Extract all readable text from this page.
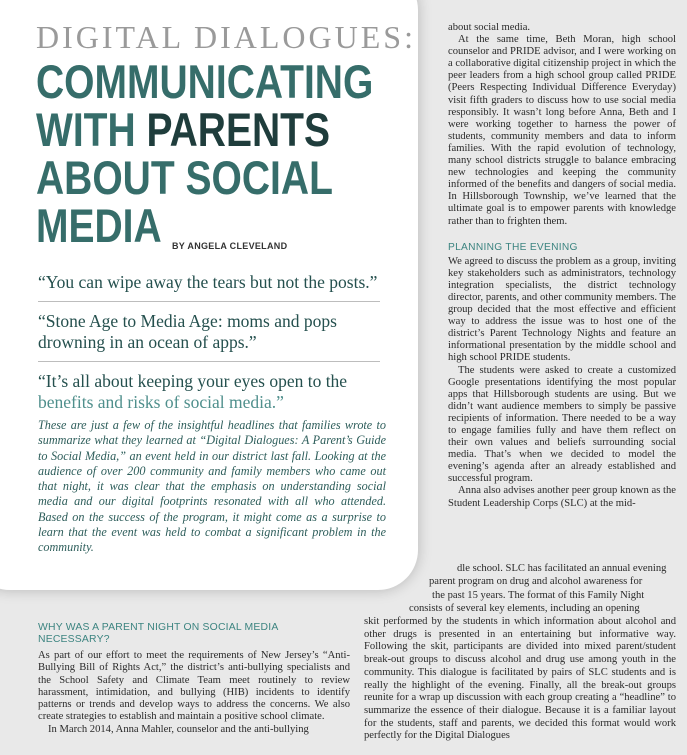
DIGITAL DIALOGUES:
COMMUNICATING
WITH PARENTS
ABOUT SOCIAL
MEDIA	BY ANGELA CLEVELAND
“You can wipe away the tears but not the posts.”
“Stone Age to Media Age: moms and pops drowning in an ocean of apps.”
“It’s all about keeping your eyes open to the benefits and risks of social media.”

These are just a few of the insightful headlines that families wrote to summarize what they learned at “Digital Dialogues: A Parent’s Guide to Social Media,” an event held in our district last fall. Looking at the audience of over 200 community and family members who came out that night, it was clear that the emphasis on understanding social media and our digital footprints resonated with all who attended. Based on the success of the program, it might come as a surprise to learn that the event was held to combat a significant problem in the community.

about social media.

At the same time, Beth Moran, high school counselor and PRIDE advisor, and I were working on a collaborative digital citizenship project in which the peer leaders from a high school group called PRIDE (Peers Respecting Individual Difference Everyday) visit fifth graders to discuss how to use social media responsibly. It wasn’t long before Anna, Beth and I were working together to harness the power of students, community members and data to inform families. With the rapid evolution of technology, many school districts struggle to balance embracing new technologies and keeping the community informed of the benefits and dangers of social media. In Hillsborough Township, we’ve learned that the ultimate goal is to empower parents with knowledge rather than to frighten them.

PLANNING THE EVENING

We agreed to discuss the problem as a group, inviting key stakeholders such as administrators, technology integration specialists, the district technology director, parents, and other community members. The group decided that the most effective and efficient way to address the issue was to host one of the district’s Parent Technology Nights and feature an informational presentation by the middle school and high school PRIDE students.

The students were asked to create a customized Google presentations identifying the most popular apps that Hillsborough students are using. But we didn’t want audience members to simply be passive recipients of information. There needed to be a way to engage families fully and have them reflect on their own values and beliefs surrounding social media. That’s when we decided to model the evening’s agenda after an already established and successful program.

Anna also advises another peer group known as the Student Leadership Corps (SLC) at the mid-

dle school. SLC has facilitated an annual evening
parent program on drug and alcohol awareness for
the past 15 years. The format of this Family Night
consists of several key elements, including an opening

skit performed by the students in which information about alcohol and other drugs is presented in an entertaining but informative way. Following the skit, participants are divided into mixed parent/student break-out groups to discuss alcohol and drug use among youth in the community. This dialogue is facilitated by pairs of SLC students and is really the highlight of the evening. Finally, all the break-out groups reunite for a wrap up discussion with each group creating a “headline” to summarize the essence of their dialogue. Because it is a familiar layout for the students, staff and parents, we decided this format would work perfectly for the Digital Dialogues

WHY WAS A PARENT NIGHT ON SOCIAL MEDIA NECESSARY?

As part of our effort to meet the requirements of New Jersey’s “Anti-Bullying Bill of Rights Act,” the district’s anti-bullying specialists and the School Safety and Climate Team meet routinely to review harassment, intimidation, and bullying (HIB) incidents to identify patterns or trends and develop ways to address the concerns. We also create strategies to establish and maintain a positive school climate.

In March 2014, Anna Mahler, counselor and the anti-bullying
